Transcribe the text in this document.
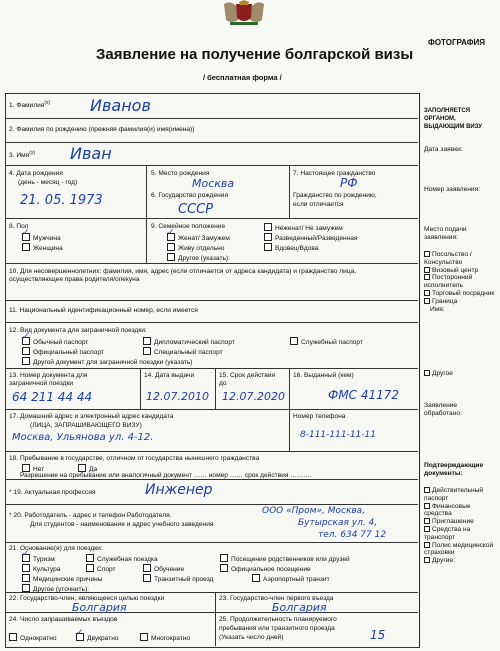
ФОТОГРАФИЯ
Заявление на получение болгарской визы
/ бесплатная форма /
1. Фамилия$^{(x)}$ Иванов
2. Фамилия по рождению (прежняя фамилия(и) имя(имена))
3. Имя$^{(x)}$ Иван
4. Дата рождения
(день - месяц - год)
21. 05. 1973
5. Место рождения
Москва
6. Государство рождения
СССР
7. Настоящее гражданство
РФ
Гражданство по рождению,
если отличается
8. Пол
✓Мужчина
Женщина
9. Семейное положение	Неженат/ Не замужем
✓Женат/ Замужем	Разведенный/Разведенная
Живу отдельно	Вдовец/Вдова
Другое (указать):
10. Для несовершеннолетних: фамилия, имя, адрес (если отличается от адреса кандидата) и гражданство лица, осуществляющее права родителя/опекуна
11. Национальный идентификационный номер, если имеется
12. Вид документа для заграничной поездки:
✓Обычный паспорт	Дипломатический паспорт	Служебный паспорт
Официальный паспорт	Специальный паспорт
Другой документ для заграничной поездки (указать)
13. Номер документа для
заграничной поездки
64 211 44 44
14. Дата выдачи
12.07.2010
15. Срок действия
до
12.07.2020
16. Выданный (кем)
ФМС 41172
17. Домашний адрес и электронный адрес кандидата
(ЛИЦА, ЗАПРАШИВАЮЩЕГО ВИЗУ)
Москва, Ульянова ул. 4-12.
Номер телефона
8-111-111-11-11
18. Пребывание в государстве, отличном от государства нынешнего гражданства
Нет	Да
Разрешение на пребывание или аналогичный документ …… номер …… срок действия ……….
* 19. Актуальная профессия	Инженер
* 20. Работодатель - адрес и телефон Работодателя.
Для студентов - наименование и адрес учебного заведения
ООО «Пром», Москва,
Бутырская ул. 4,
тел. 634 77 12
21. Основание(я) для поездки:
✓Туризм	Служебная поездка	Посещение родственников или друзей
Культура	Спорт	Обучение	Официальное посещение
Медицинские причины	Транзитный проезд	Аэропортный транзит
Другое (уточнить):
22. Государство-член, являющееся целью поездки
Болгария
23. Государство-член первого въезда
Болгария
24. Число запрашиваемых въездов
Однократно
✓	Двукратно	Многократно
25. Продолжительность планируемого
пребывания или транзитного проезда
(Указать число дней)	15
ЗАПОЛНЯЕТСЯ
ОРГАНОМ,
ВЫДАЮЩИМ ВИЗУ
Дата заявки:
Номер заявления:
Место подачи заявления:
Посольство / Консульство
Визовый центр
Посторонний исполнитель
Торговый посредник
Граница
Имя:
Другое
Заявление обработано:
Подтверждающие документы:
Действительный паспорт
Финансовые средства
Приглашение
Средства на транспорт
Полис медицинской страховки
Другие:
